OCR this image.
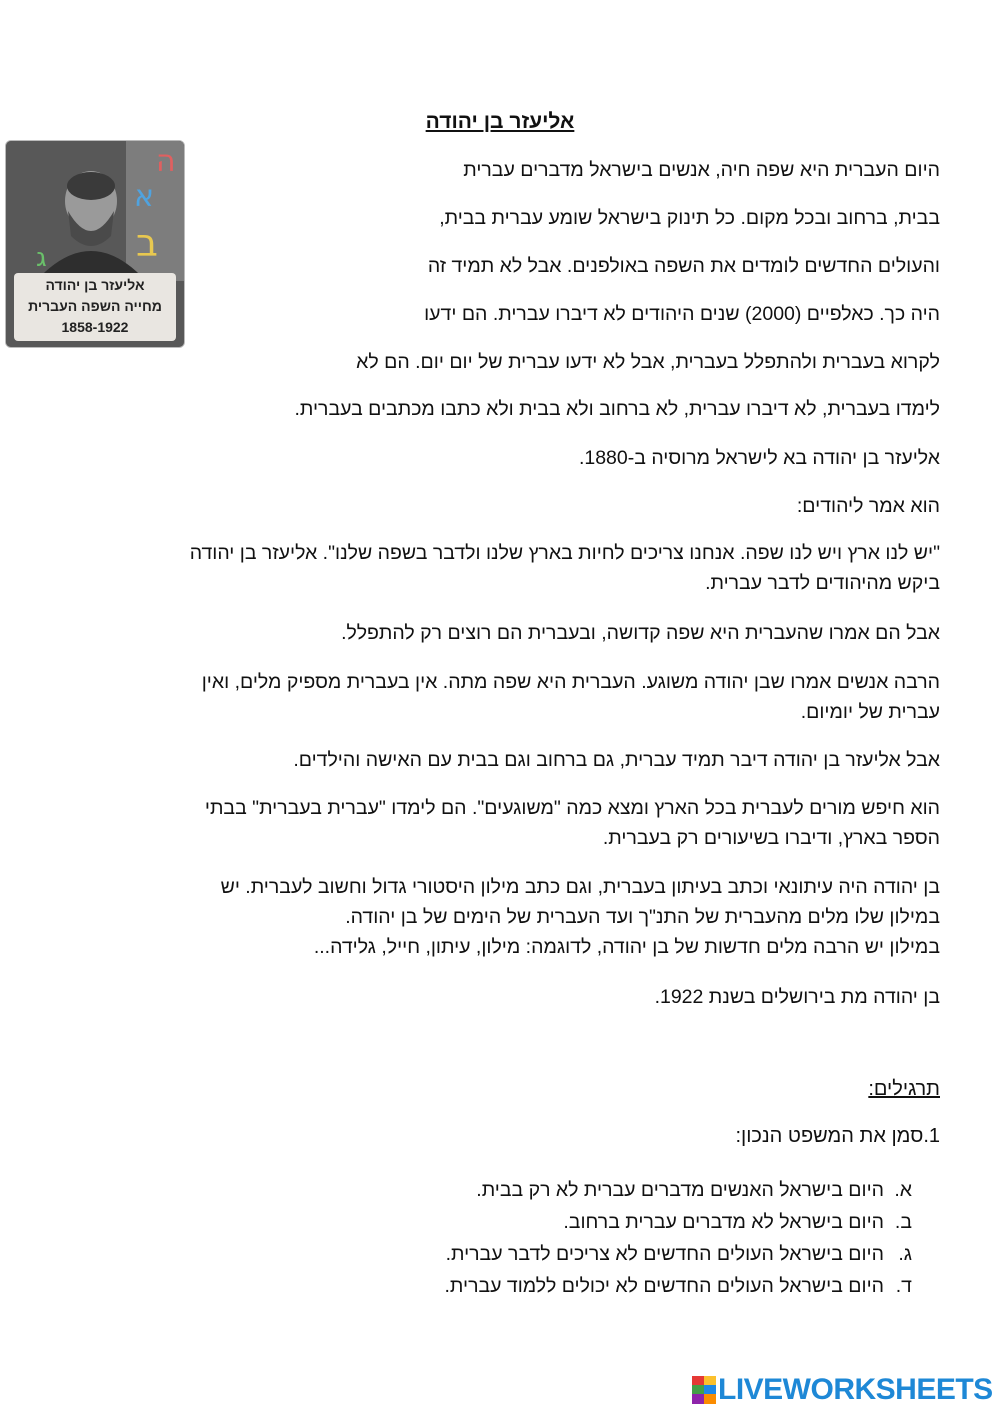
אליעזר בן יהודה
ה
א
ב
ג
אליעזר בן יהודה
מחייה השפה העברית
1858-1922
היום העברית היא שפה חיה, אנשים בישראל מדברים עברית
בבית, ברחוב ובכל מקום. כל תינוק בישראל שומע עברית בבית,
והעולים החדשים לומדים את השפה באולפנים. אבל לא תמיד זה
היה כך. כאלפיים (2000) שנים היהודים לא דיברו עברית. הם ידעו
לקרוא בעברית ולהתפלל בעברית, אבל לא ידעו עברית של יום יום. הם לא
לימדו בעברית, לא דיברו עברית, לא ברחוב ולא בבית ולא כתבו מכתבים בעברית.
אליעזר בן יהודה בא לישראל מרוסיה ב-1880.
הוא אמר ליהודים:
"יש לנו ארץ ויש לנו שפה. אנחנו צריכים לחיות בארץ שלנו ולדבר בשפה שלנו". אליעזר בן יהודה
ביקש מהיהודים לדבר עברית.
אבל הם אמרו שהעברית היא שפה קדושה, ובעברית הם רוצים רק להתפלל.
הרבה אנשים אמרו שבן יהודה משוגע. העברית היא שפה מתה. אין בעברית מספיק מלים, ואין
עברית של יומיום.
אבל אליעזר בן יהודה דיבר תמיד עברית, גם ברחוב וגם בבית עם האישה והילדים.
הוא חיפש מורים לעברית בכל הארץ ומצא כמה "משוגעים". הם לימדו "עברית בעברית" בבתי
הספר בארץ, ודיברו בשיעורים רק בעברית.
בן יהודה היה עיתונאי וכתב בעיתון בעברית, וגם כתב מילון היסטורי גדול וחשוב לעברית. יש
במילון שלו מלים מהעברית של התנ"ך ועד העברית של הימים של בן יהודה.
במילון יש הרבה מלים חדשות של בן יהודה, לדוגמה: מילון, עיתון, חייל, גלידה...
בן יהודה מת בירושלים בשנת 1922.
תרגילים:
1.סמן את המשפט הנכון:
א.
היום בישראל האנשים מדברים עברית לא רק בבית.
ב.
היום בישראל לא מדברים עברית ברחוב.
ג.
היום בישראל העולים החדשים לא צריכים לדבר עברית.
ד.
היום בישראל העולים החדשים לא יכולים ללמוד עברית.
LIVEWORKSHEETS
